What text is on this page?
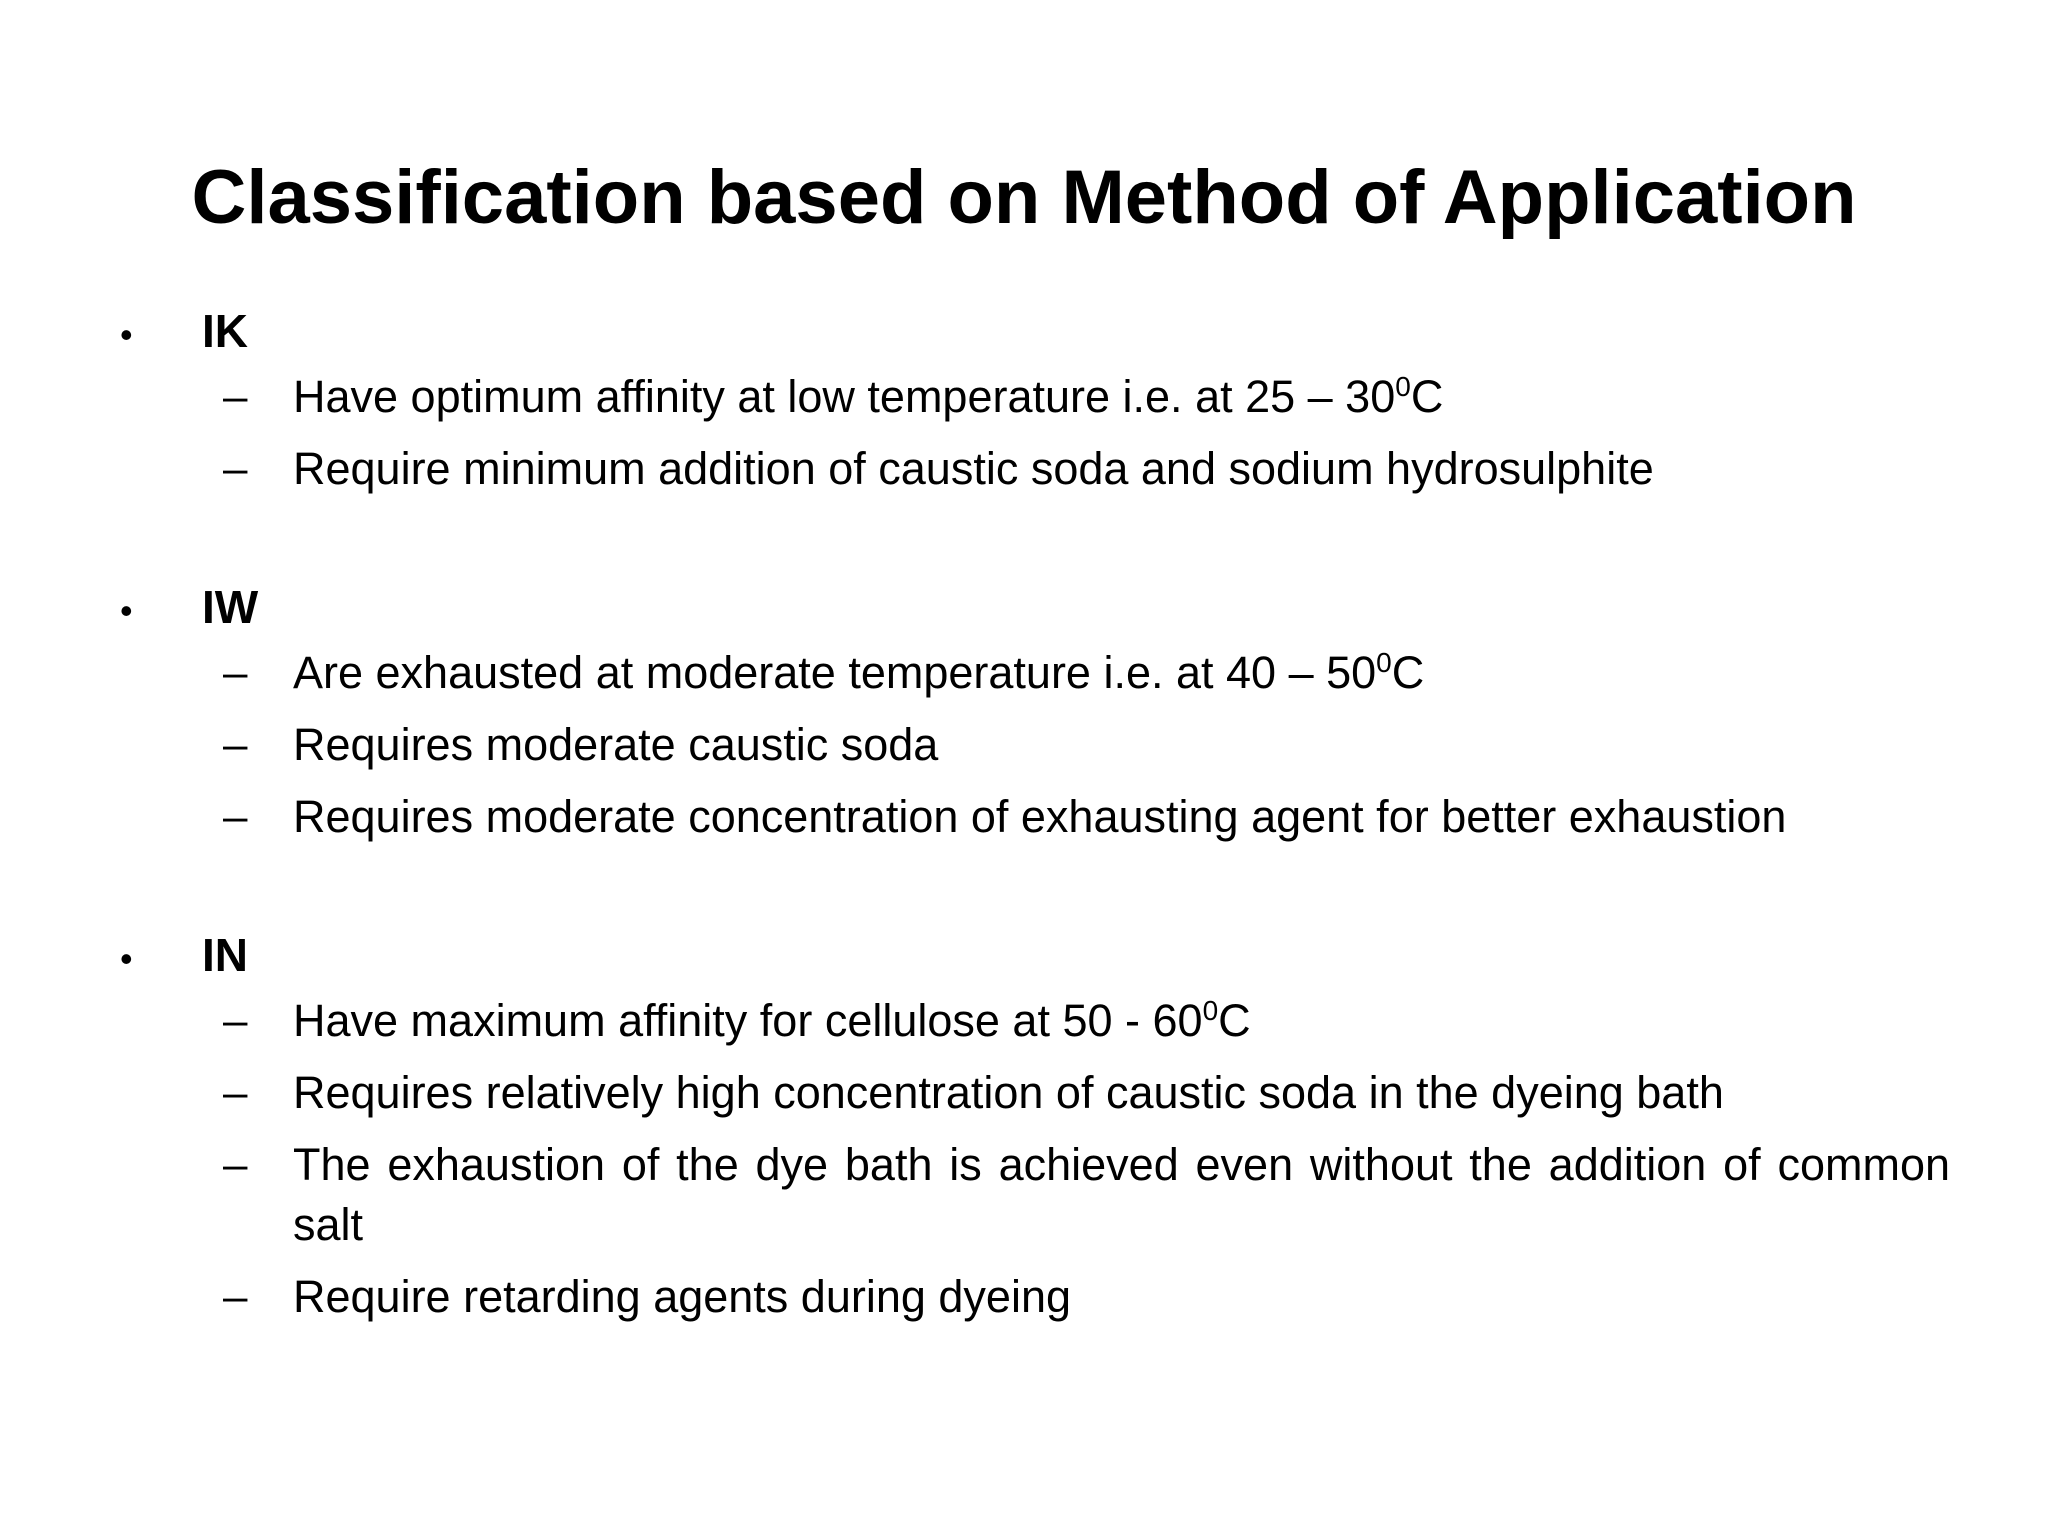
Classification based on Method of Application
•	IK
– Have optimum affinity at low temperature i.e. at $25 - 30^0C$
– Require minimum addition of caustic soda and sodium hydrosulphite
•	IW
– Are exhausted at moderate temperature i.e. at $40 - 50^0C$
– Requires moderate caustic soda
– Requires moderate concentration of exhausting agent for better exhaustion
•	IN
– Have maximum affinity for cellulose at $50 - 60^0C$
– Requires relatively high concentration of caustic soda in the dyeing bath
– The exhaustion of the dye bath is achieved even without the addition of common salt
– Require retarding agents during dyeing
